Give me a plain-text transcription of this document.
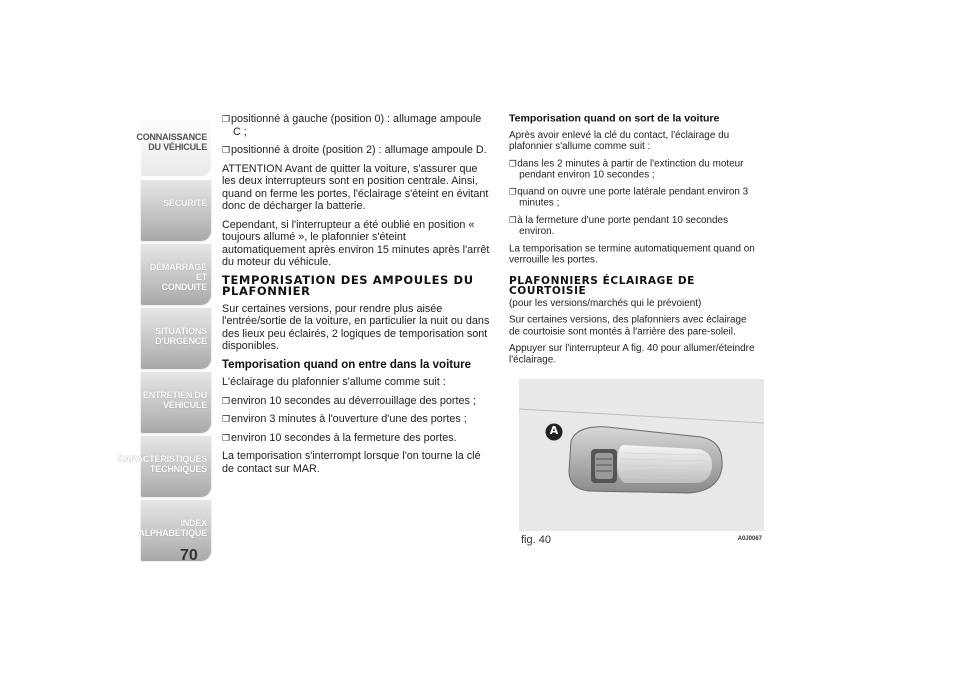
CONNAISSANCE
DU VÉHICULE
SÉCURITÉ
DÉMARRAGE ET
CONDUITE
SITUATIONS
D'URGENCE
ENTRETIEN DU
VÉHICULE
CARACTÉRISTIQUES
TECHNIQUES
INDEX
ALPHABÉTIQUE
70
❒positionné à gauche (position 0) : allumage ampoule C ;
❒positionné à droite (position 2) : allumage ampoule D.

ATTENTION Avant de quitter la voiture, s'assurer que les deux interrupteurs sont en position centrale. Ainsi, quand on ferme les portes, l'éclairage s'éteint en évitant donc de décharger la batterie.

Cependant, si l'interrupteur a été oublié en position « toujours allumé », le plafonnier s'éteint automatiquement après environ 15 minutes après l'arrêt du moteur du véhicule.

TEMPORISATION DES AMPOULES DU PLAFONNIER

Sur certaines versions, pour rendre plus aisée l'entrée/sortie de la voiture, en particulier la nuit ou dans des lieux peu éclairés, 2 logiques de temporisation sont disponibles.

Temporisation quand on entre dans la voiture

L'éclairage du plafonnier s'allume comme suit :

❒environ 10 secondes au déverrouillage des portes ;
❒environ 3 minutes à l'ouverture d'une des portes ;
❒environ 10 secondes à la fermeture des portes.

La temporisation s'interrompt lorsque l'on tourne la clé de contact sur MAR.

Temporisation quand on sort de la voiture

Après avoir enlevé la clé du contact, l'éclairage du plafonnier s'allume comme suit :

❒dans les 2 minutes à partir de l'extinction du moteur pendant environ 10 secondes ;
❒quand on ouvre une porte latérale pendant environ 3 minutes ;
❒à la fermeture d'une porte pendant 10 secondes environ.

La temporisation se termine automatiquement quand on verrouille les portes.

PLAFONNIERS ÉCLAIRAGE DE COURTOISIE

(pour les versions/marchés qui le prévoient)

Sur certaines versions, des plafonniers avec éclairage de courtoisie sont montés à l'arrière des pare-soleil.

Appuyer sur l'interrupteur A fig. 40 pour allumer/éteindre l'éclairage.

A
fig. 40	A0J0067
